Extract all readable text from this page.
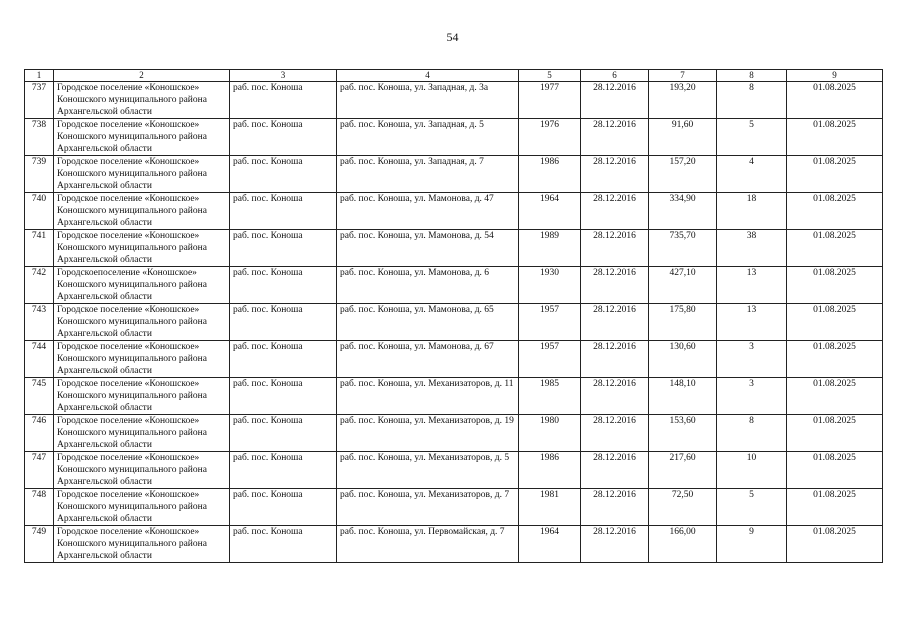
54
1	2	3	4	5	6	7	8	9
737	Городское поселение «Коношское» Коношского муниципального района Архангельской области	раб. пос. Коноша	раб. пос. Коноша, ул. Западная, д. 3а	1977	28.12.2016	193,20	8	01.08.2025
738	Городское поселение «Коношское» Коношского муниципального района Архангельской области	раб. пос. Коноша	раб. пос. Коноша, ул. Западная, д. 5	1976	28.12.2016	91,60	5	01.08.2025
739	Городское поселение «Коношское» Коношского муниципального района Архангельской области	раб. пос. Коноша	раб. пос. Коноша, ул. Западная, д. 7	1986	28.12.2016	157,20	4	01.08.2025
740	Городское поселение «Коношское» Коношского муниципального района Архангельской области	раб. пос. Коноша	раб. пос. Коноша, ул. Мамонова, д. 47	1964	28.12.2016	334,90	18	01.08.2025
741	Городское поселение «Коношское» Коношского муниципального района Архангельской области	раб. пос. Коноша	раб. пос. Коноша, ул. Мамонова, д. 54	1989	28.12.2016	735,70	38	01.08.2025
742	Городскоепоселение «Коношское» Коношского муниципального района Архангельской области	раб. пос. Коноша	раб. пос. Коноша, ул. Мамонова, д. 6	1930	28.12.2016	427,10	13	01.08.2025
743	Городское поселение «Коношское» Коношского муниципального района Архангельской области	раб. пос. Коноша	раб. пос. Коноша, ул. Мамонова, д. 65	1957	28.12.2016	175,80	13	01.08.2025
744	Городское поселение «Коношское» Коношского муниципального района Архангельской области	раб. пос. Коноша	раб. пос. Коноша, ул. Мамонова, д. 67	1957	28.12.2016	130,60	3	01.08.2025
745	Городское поселение «Коношское» Коношского муниципального района Архангельской области	раб. пос. Коноша	раб. пос. Коноша, ул. Механизаторов, д. 11	1985	28.12.2016	148,10	3	01.08.2025
746	Городское поселение «Коношское» Коношского муниципального района Архангельской области	раб. пос. Коноша	раб. пос. Коноша, ул. Механизаторов, д. 19	1980	28.12.2016	153,60	8	01.08.2025
747	Городское поселение «Коношское» Коношского муниципального района Архангельской области	раб. пос. Коноша	раб. пос. Коноша, ул. Механизаторов, д. 5	1986	28.12.2016	217,60	10	01.08.2025
748	Городское поселение «Коношское» Коношского муниципального района Архангельской области	раб. пос. Коноша	раб. пос. Коноша, ул. Механизаторов, д. 7	1981	28.12.2016	72,50	5	01.08.2025
749	Городское поселение «Коношское» Коношского муниципального района Архангельской области	раб. пос. Коноша	раб. пос. Коноша, ул. Первомайская, д. 7	1964	28.12.2016	166,00	9	01.08.2025
